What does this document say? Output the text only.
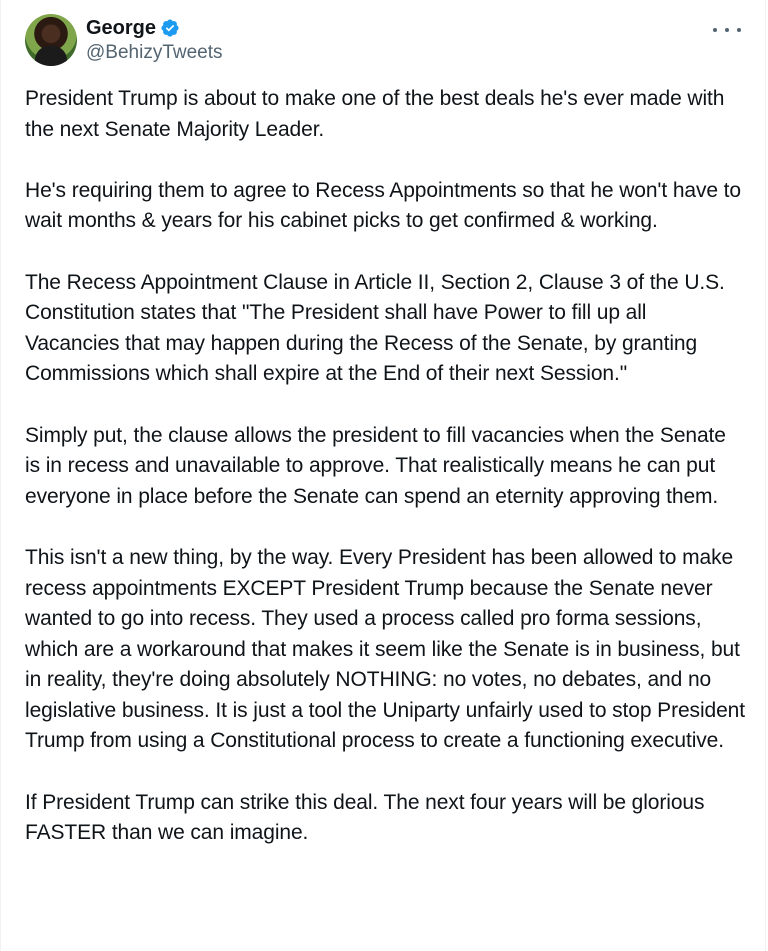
George
@BehizyTweets

President Trump is about to make one of the best deals he's ever made with the next Senate Majority Leader.

He's requiring them to agree to Recess Appointments so that he won't have to wait months & years for his cabinet picks to get confirmed & working.

The Recess Appointment Clause in Article II, Section 2, Clause 3 of the U.S. Constitution states that "The President shall have Power to fill up all Vacancies that may happen during the Recess of the Senate, by granting Commissions which shall expire at the End of their next Session."

Simply put, the clause allows the president to fill vacancies when the Senate is in recess and unavailable to approve. That realistically means he can put everyone in place before the Senate can spend an eternity approving them.

This isn't a new thing, by the way. Every President has been allowed to make recess appointments EXCEPT President Trump because the Senate never wanted to go into recess. They used a process called pro forma sessions, which are a workaround that makes it seem like the Senate is in business, but in reality, they're doing absolutely NOTHING: no votes, no debates, and no legislative business. It is just a tool the Uniparty unfairly used to stop President Trump from using a Constitutional process to create a functioning executive.

If President Trump can strike this deal. The next four years will be glorious FASTER than we can imagine.
